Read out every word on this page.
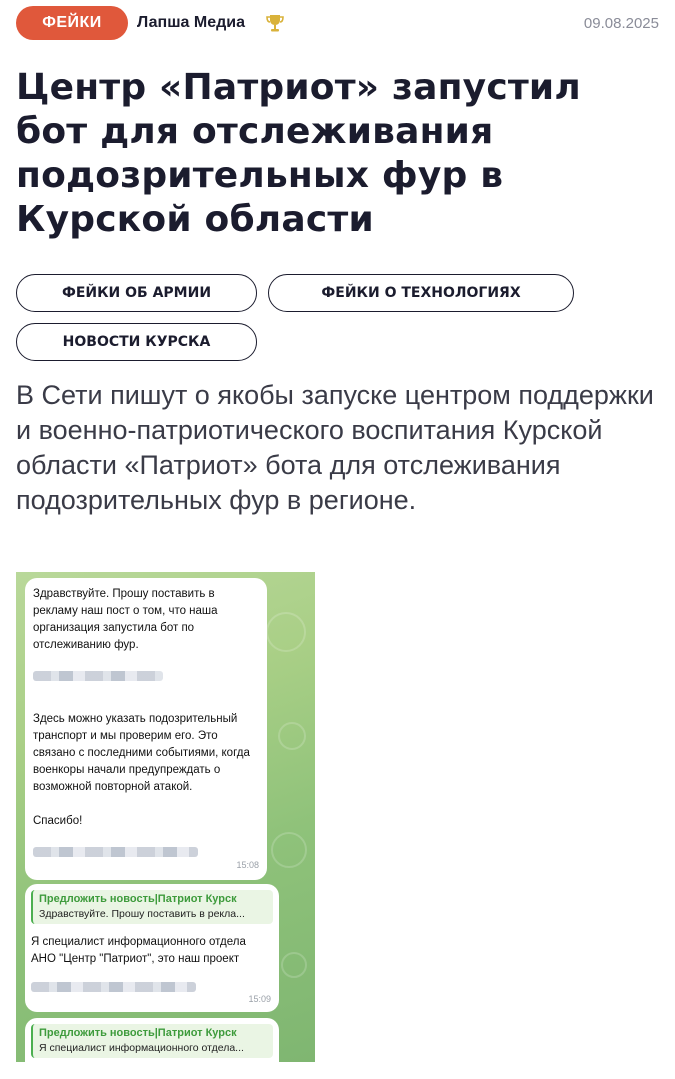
ФЕЙКИ	Лапша Медиа	09.08.2025
Центр «Патриот» запустил бот для отслеживания подозрительных фур в Курской области
ФЕЙКИ ОБ АРМИИ	ФЕЙКИ О ТЕХНОЛОГИЯХ
НОВОСТИ КУРСКА

В Сети пишут о якобы запуске центром поддержки и военно-патриотического воспитания Курской области «Патриот» бота для отслеживания подозрительных фур в регионе.

Здравствуйте. Прошу поставить в рекламу наш пост о том, что наша организация запустила бот по отслеживанию фур.
Здесь можно указать подозрительный транспорт и мы проверим его. Это связано с последними событиями, когда военкоры начали предупреждать о возможной повторной атакой.
Спасибо!
15:08
Предложить новость|Патриот Курск
Здравствуйте. Прошу поставить в рекла...
Я специалист информационного отдела АНО "Центр "Патриот", это наш проект
15:09
Предложить новость|Патриот Курск
Я специалист информационного отдела...
